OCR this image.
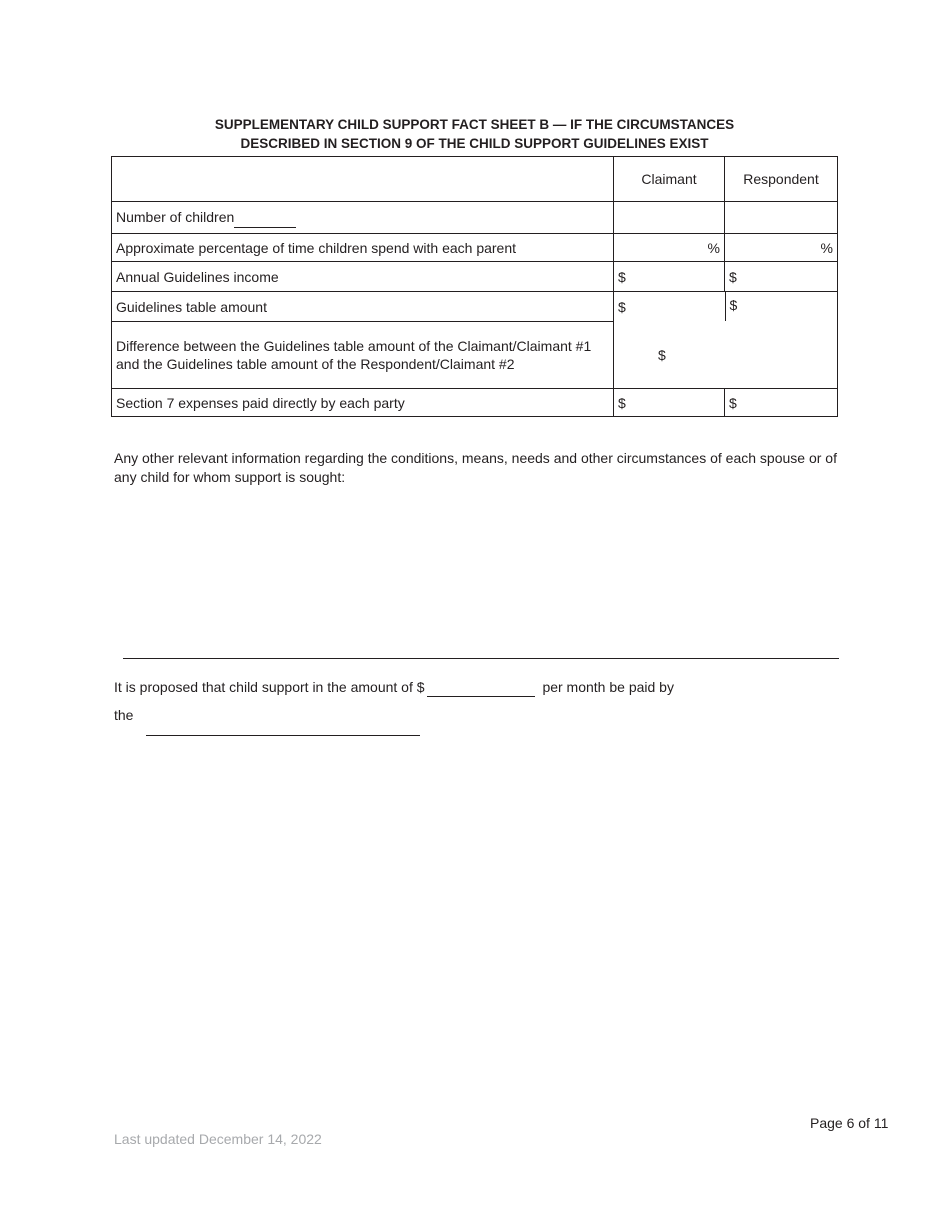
SUPPLEMENTARY CHILD SUPPORT FACT SHEET B — IF THE CIRCUMSTANCES
DESCRIBED IN SECTION 9 OF THE CHILD SUPPORT GUIDELINES EXIST
	Claimant	Respondent
Number of children		
Approximate percentage of time children spend with each parent	%	%
Annual Guidelines income	$	$
Guidelines table amount	$	$

Difference between the Guidelines table amount of the Claimant/Claimant #1 and the Guidelines table amount of the Respondent/Claimant #2	$	
Section 7 expenses paid directly by each party	$	$
Any other relevant information regarding the conditions, means, needs and other circumstances of each spouse or of any child for whom support is sought:
It is proposed that child support in the amount of $	per month be paid by
the
Page 6 of 11
Last updated December 14, 2022
